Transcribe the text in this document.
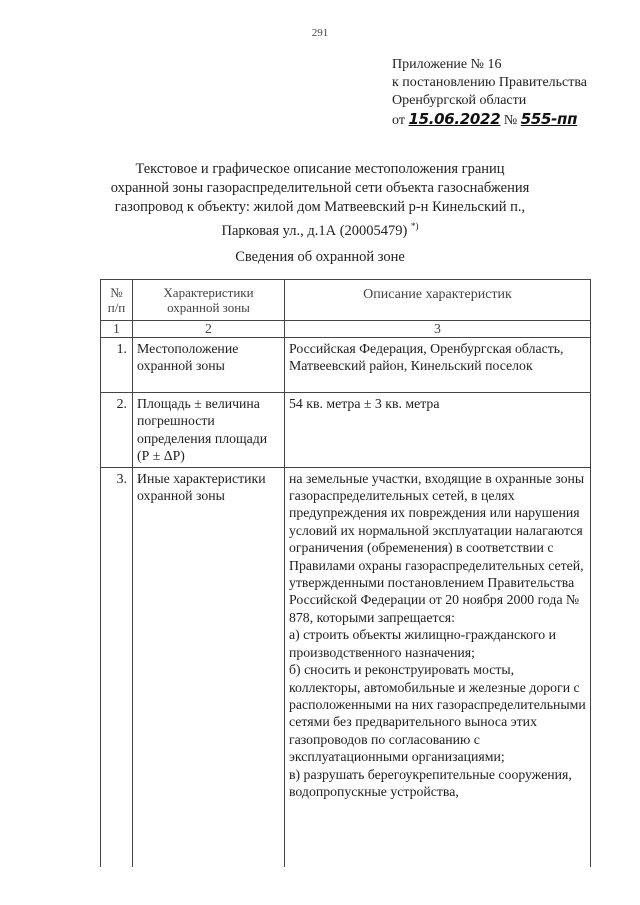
291
Приложение № 16
к постановлению Правительства
Оренбургской области
от 15.06.2022 № 555-пп
Текстовое и графическое описание местоположения границ
охранной зоны газораспределительной сети объекта газоснабжения
газопровод к объекту: жилой дом Матвеевский р-н Кинельский п.,
Парковая ул., д.1А (20005479) *)
Сведения об охранной зоне
№ п/п	Характеристики охранной зоны	Описание характеристик
1	2	3
1.	Местоположение охранной зоны	Российская Федерация, Оренбургская область, Матвеевский район, Кинельский поселок
2.	Площадь ± величина погрешности определения площади (Р ± ΔР)	54 кв. метра ± 3 кв. метра
3.	Иные характеристики охранной зоны	на земельные участки, входящие в охранные зоны газораспределительных сетей, в целях предупреждения их повреждения или нарушения условий их нормальной эксплуатации налагаются ограничения (обременения) в соответствии с Правилами охраны газораспределительных сетей, утвержденными постановлением Правительства Российской Федерации от 20 ноября 2000 года № 878, которыми запрещается:
а) строить объекты жилищно-гражданского и производственного назначения;
б) сносить и реконструировать мосты, коллекторы, автомобильные и железные дороги с расположенными на них газораспределительными сетями без предварительного выноса этих газопроводов по согласованию с эксплуатационными организациями;
в) разрушать берегоукрепительные сооружения, водопропускные устройства,
